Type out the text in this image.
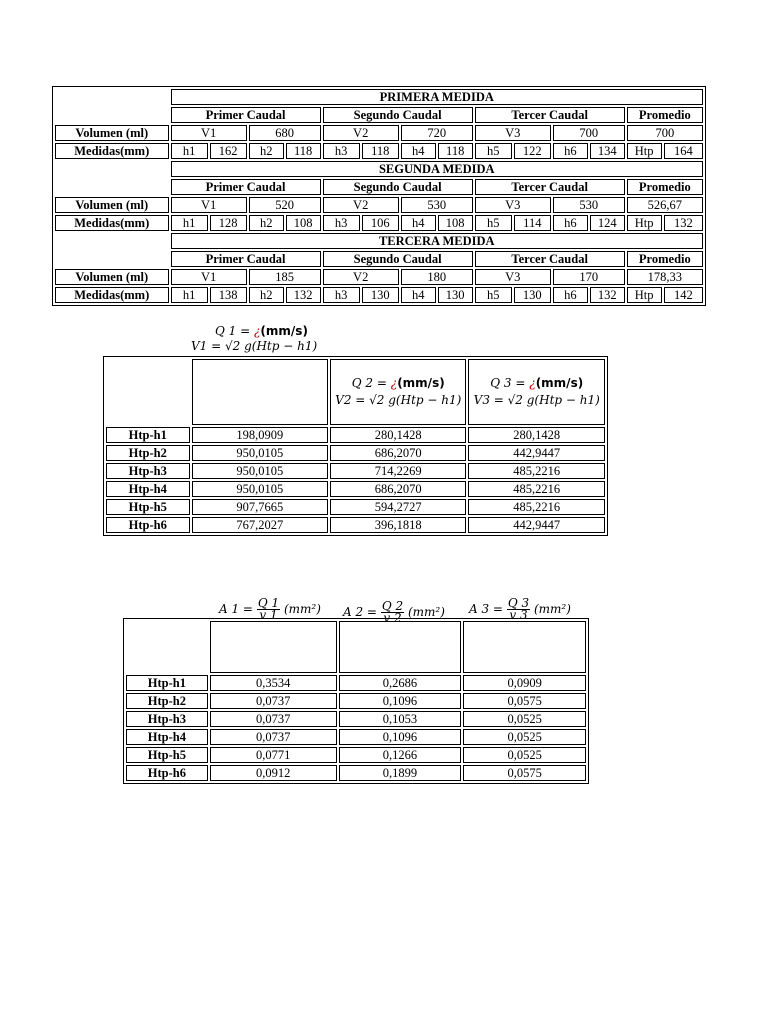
	PRIMERA MEDIDA													
	Primer Caudal				Segundo Caudal				Tercer Caudal				Promedio	
Volumen (ml)	V1		680		V2		720		V3		700		700	
Medidas(mm)	h1	162	h2	118	h3	118	h4	118	h5	122	h6	134	Htp	164
	SEGUNDA MEDIDA													
	Primer Caudal				Segundo Caudal				Tercer Caudal				Promedio	
Volumen (ml)	V1		520		V2		530		V3		530		526,67	
Medidas(mm)	h1	128	h2	108	h3	106	h4	108	h5	114	h6	124	Htp	132
	TERCERA MEDIDA													
	Primer Caudal				Segundo Caudal				Tercer Caudal				Promedio	
Volumen (ml)	V1		185		V2		180		V3		170		178,33	
Medidas(mm)	h1	138	h2	132	h3	130	h4	130	h5	130	h6	132	Htp	142
Q 1 = ¿(mm/s)
V1 = √2 g(Htp − h1)
		Q 2 = ¿(mm/s)
V2 = √2 g(Htp − h1)	Q 3 = ¿(mm/s)
V3 = √2 g(Htp − h1)
Htp-h1	198,0909	280,1428	280,1428
Htp-h2	950,0105	686,2070	442,9447
Htp-h3	950,0105	714,2269	485,2216
Htp-h4	950,0105	686,2070	485,2216
Htp-h5	907,7665	594,2727	485,2216
Htp-h6	767,2027	396,1818	442,9447
A $1 = \frac{Q 1}{v 1} (mm^2)$ A $2 = \frac{Q 2}{v 2} (mm^2)$ A $3 = \frac{Q 3}{v 3} (mm^2)$

Htp-h1	0,3534	0,2686	0,0909
Htp-h2	0,0737	0,1096	0,0575
Htp-h3	0,0737	0,1053	0,0525
Htp-h4	0,0737	0,1096	0,0525
Htp-h5	0,0771	0,1266	0,0525
Htp-h6	0,0912	0,1899	0,0575
